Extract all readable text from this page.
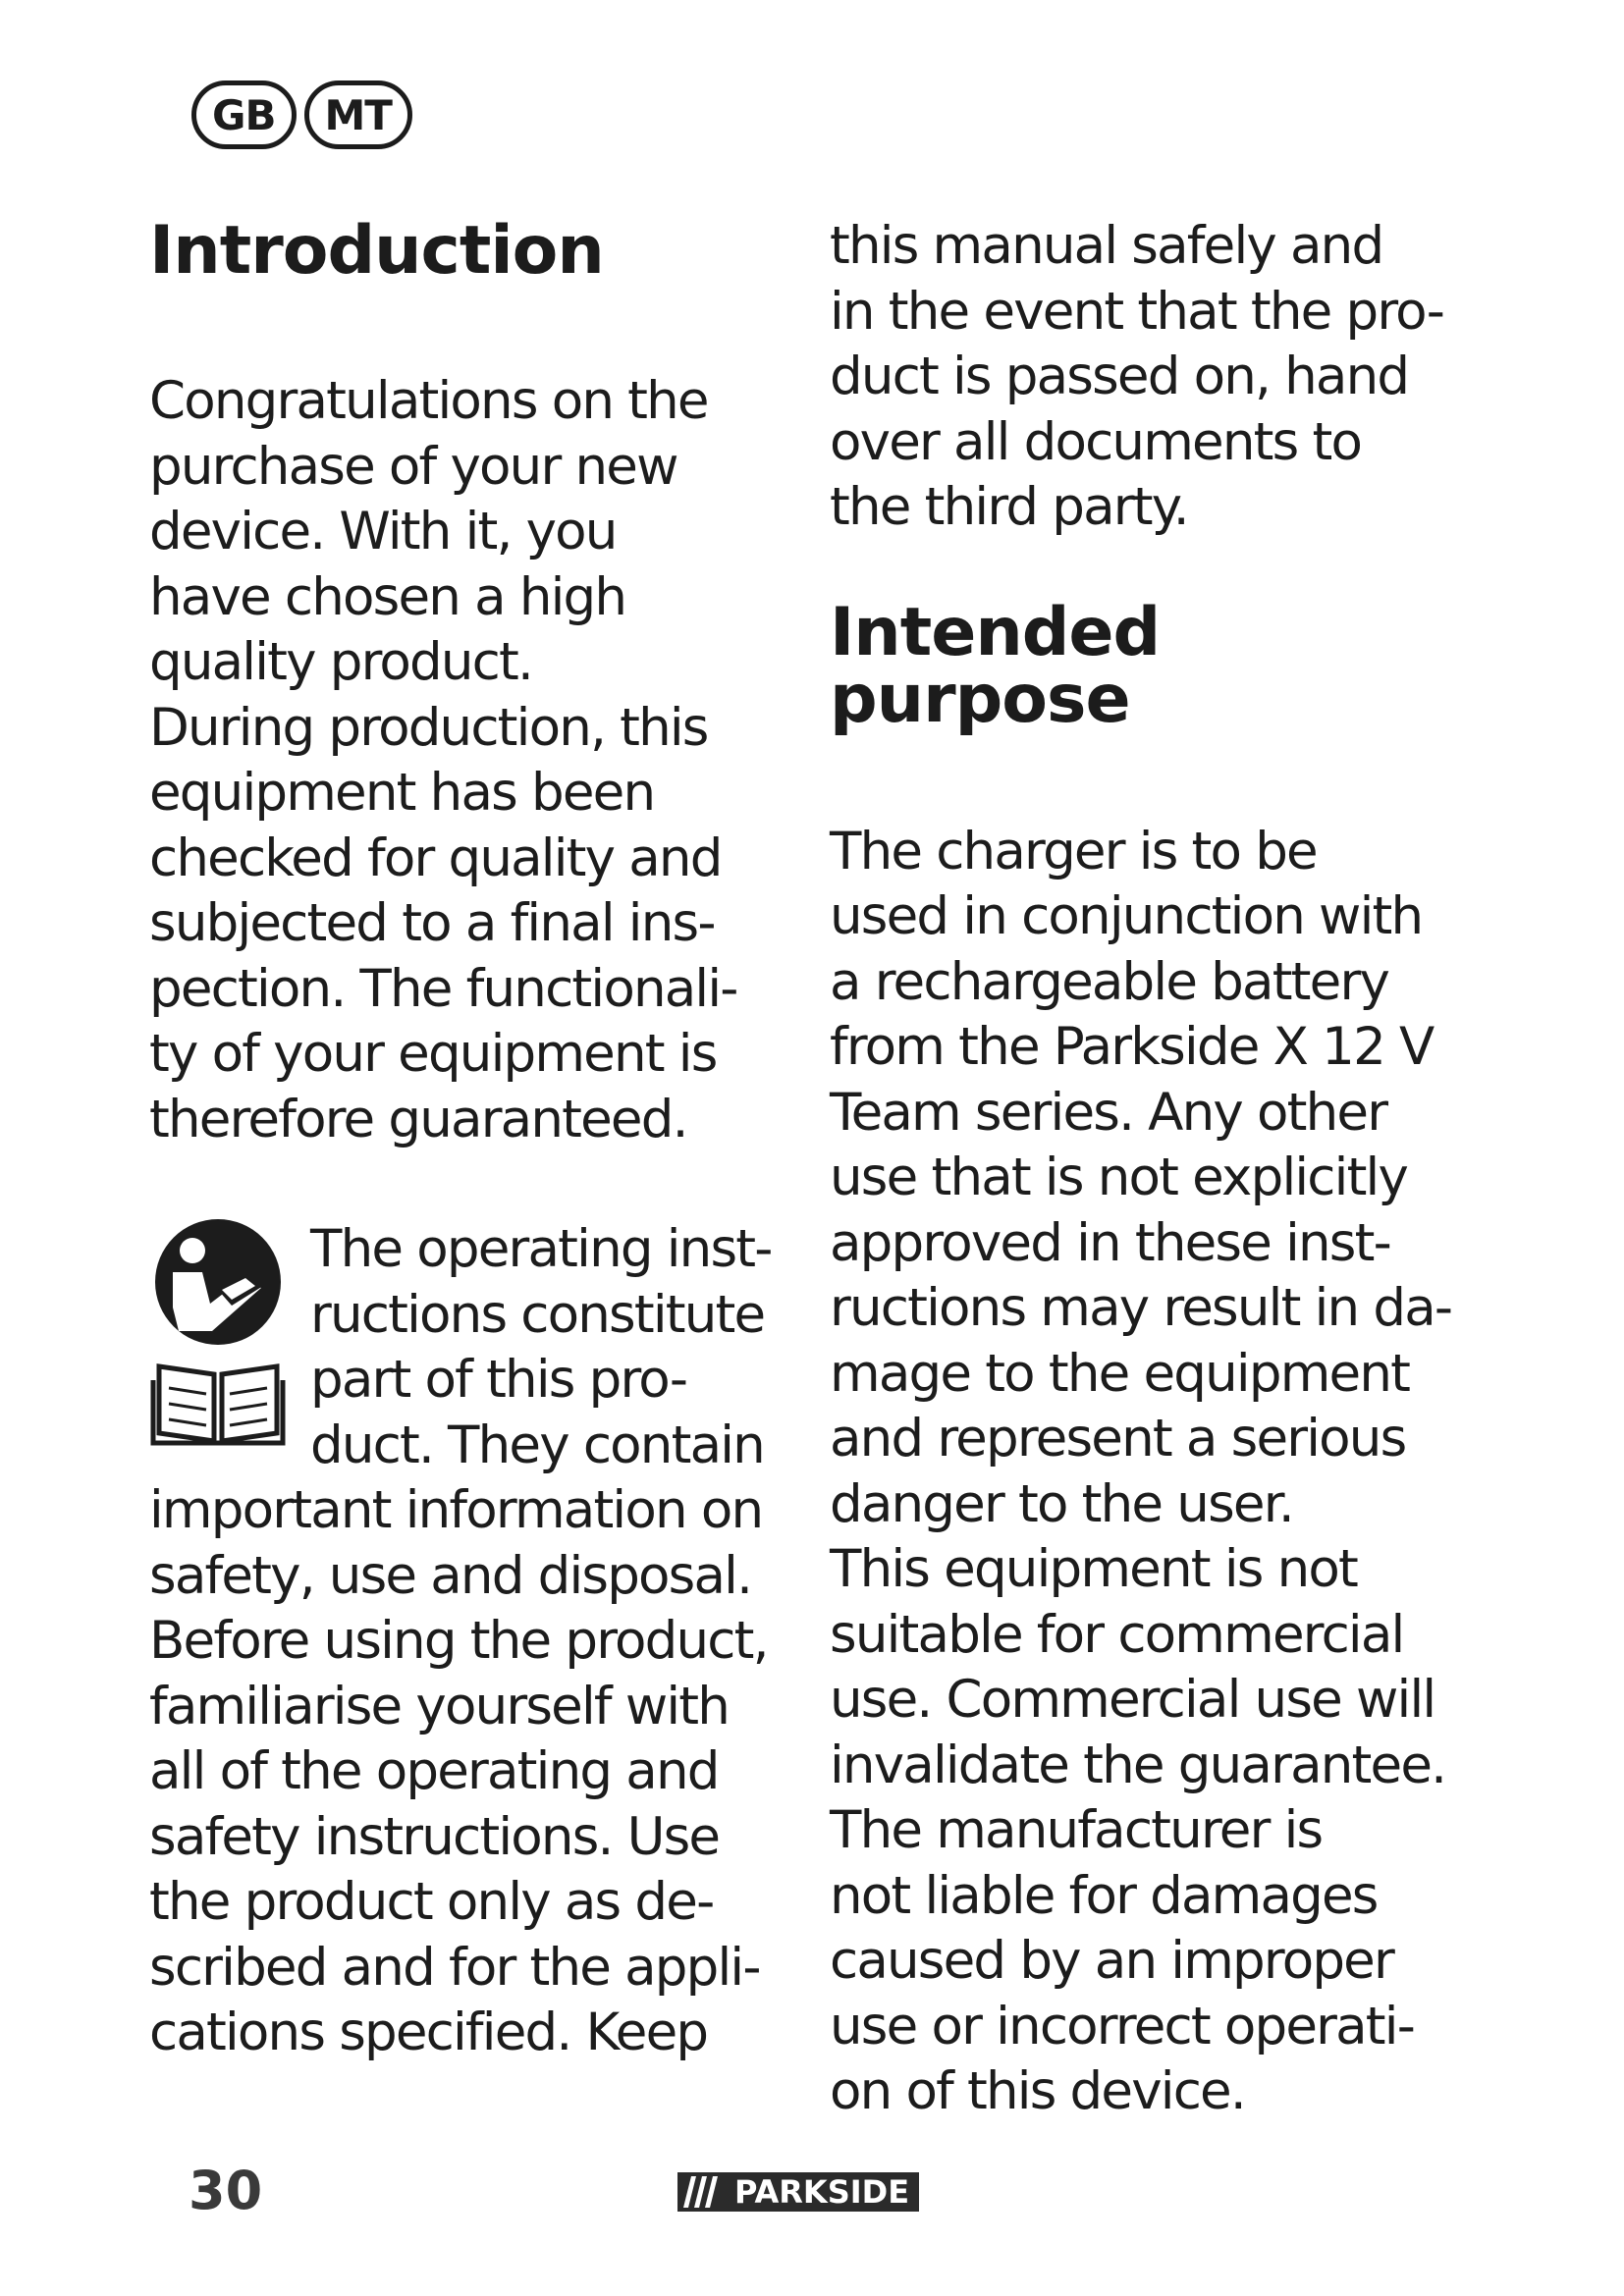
GB	MT
Introduction

Congratulations on the
purchase of your new
device. With it, you
have chosen a high
quality product.

During production, this
equipment has been
checked for quality and
subjected to a final ins-
pection. The functionali-
ty of your equipment is
therefore guaranteed.

The operating inst-
ructions constitute
part of this pro-
duct. They contain
important information on
safety, use and disposal.
Before using the product,
familiarise yourself with
all of the operating and
safety instructions. Use
the product only as de-
scribed and for the appli-
cations specified. Keep

this manual safely and
in the event that the pro-
duct is passed on, hand
over all documents to
the third party.

Intended
purpose

The charger is to be
used in conjunction with
a rechargeable battery
from the Parkside X 12 V
Team series. Any other
use that is not explicitly
approved in these inst-
ructions may result in da-
mage to the equipment
and represent a serious
danger to the user.

This equipment is not
suitable for commercial
use. Commercial use will
invalidate the guarantee.
The manufacturer is
not liable for damages
caused by an improper
use or incorrect operati-
on of this device.

30	PARKSIDE
